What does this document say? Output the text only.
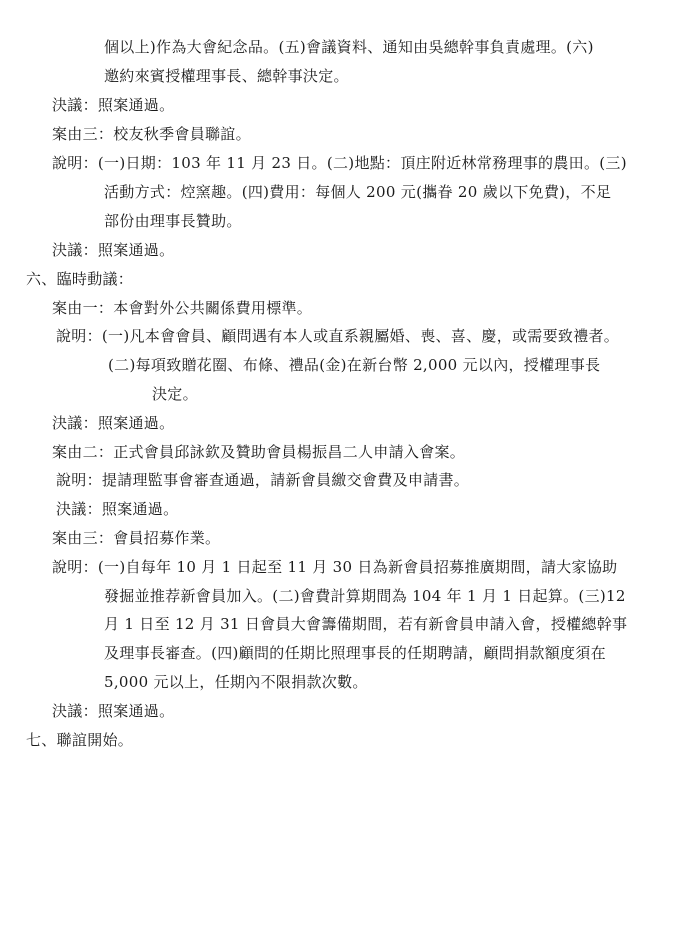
個以上)作為大會紀念品。(五)會議資料、通知由吳總幹事負責處理。(六)
邀約來賓授權理事長、總幹事決定。
決議：照案通過。
案由三：校友秋季會員聯誼。
說明：(一)日期：103 年 11 月 23 日。(二)地點：頂庄附近林常務理事的農田。(三)
活動方式：焢窯趣。(四)費用：每個人 200 元(攜眷 20 歲以下免費)，不足
部份由理事長贊助。
決議：照案通過。
六、臨時動議：
案由一：本會對外公共關係費用標準。
說明：(一)凡本會會員、顧問遇有本人或直系親屬婚、喪、喜、慶，或需要致禮者。
(二)每項致贈花圈、布條、禮品(金)在新台幣 2,000 元以內，授權理事長
決定。
決議：照案通過。
案由二：正式會員邱詠欽及贊助會員楊振昌二人申請入會案。
說明：提請理監事會審查通過，請新會員繳交會費及申請書。
決議：照案通過。
案由三：會員招募作業。
說明：(一)自每年 10 月 1 日起至 11 月 30 日為新會員招募推廣期間，請大家協助
發掘並推荐新會員加入。(二)會費計算期間為 104 年 1 月 1 日起算。(三)12
月 1 日至 12 月 31 日會員大會籌備期間，若有新會員申請入會，授權總幹事
及理事長審查。(四)顧問的任期比照理事長的任期聘請，顧問捐款額度須在
5,000 元以上，任期內不限捐款次數。
決議：照案通過。
七、聯誼開始。
